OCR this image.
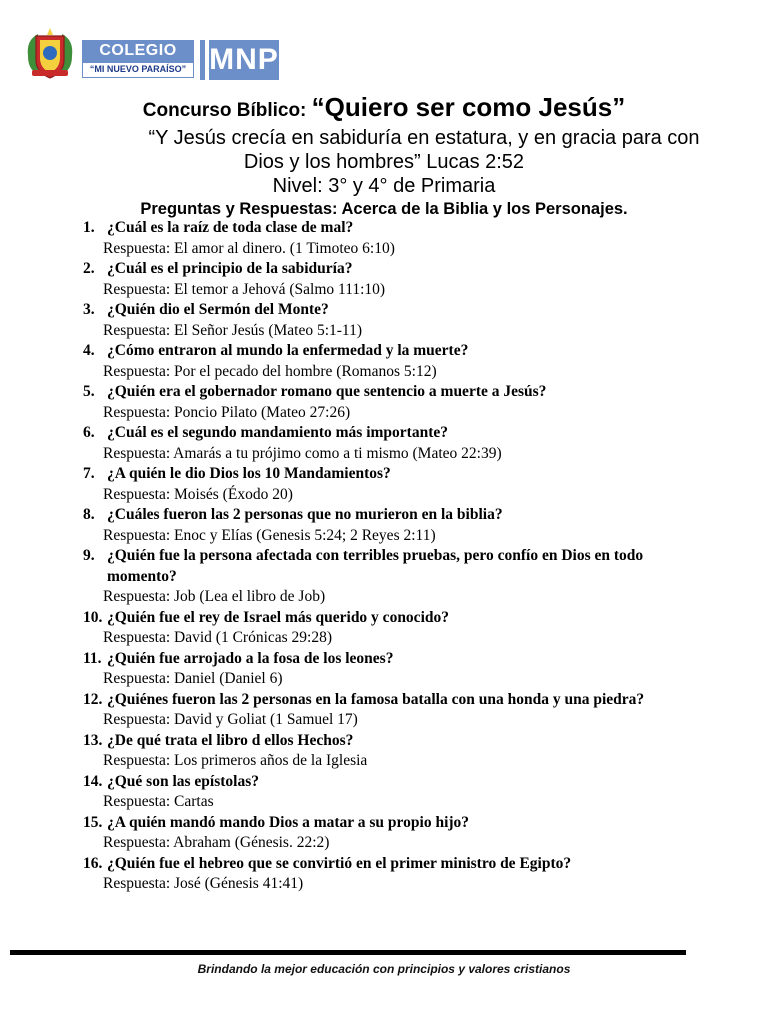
COLEGIO
“MI NUEVO PARAÍSO” MNP
Concurso Bíblico: “Quiero ser como Jesús”
“Y Jesús crecía en sabiduría en estatura, y en gracia para con
Dios y los hombres” Lucas 2:52
Nivel: 3° y 4° de Primaria
Preguntas y Respuestas: Acerca de la Biblia y los Personajes.
1. ¿Cuál es la raíz de toda clase de mal?
Respuesta: El amor al dinero. (1 Timoteo 6:10)
2. ¿Cuál es el principio de la sabiduría?
Respuesta: El temor a Jehová (Salmo 111:10)
3. ¿Quién dio el Sermón del Monte?
Respuesta: El Señor Jesús (Mateo 5:1-11)
4. ¿Cómo entraron al mundo la enfermedad y la muerte?
Respuesta: Por el pecado del hombre (Romanos 5:12)
5. ¿Quién era el gobernador romano que sentencio a muerte a Jesús?
Respuesta: Poncio Pilato (Mateo 27:26)
6. ¿Cuál es el segundo mandamiento más importante?
Respuesta: Amarás a tu prójimo como a ti mismo (Mateo 22:39)
7. ¿A quién le dio Dios los 10 Mandamientos?
Respuesta: Moisés (Éxodo 20)
8. ¿Cuáles fueron las 2 personas que no murieron en la biblia?
Respuesta: Enoc y Elías (Genesis 5:24; 2 Reyes 2:11)
9. ¿Quién fue la persona afectada con terribles pruebas, pero confío en Dios en todo momento?
Respuesta: Job (Lea el libro de Job)
10. ¿Quién fue el rey de Israel más querido y conocido?
Respuesta: David (1 Crónicas 29:28)
11. ¿Quién fue arrojado a la fosa de los leones?
Respuesta: Daniel (Daniel 6)
12. ¿Quiénes fueron las 2 personas en la famosa batalla con una honda y una piedra?
Respuesta: David y Goliat (1 Samuel 17)
13. ¿De qué trata el libro d ellos Hechos?
Respuesta: Los primeros años de la Iglesia
14. ¿Qué son las epístolas?
Respuesta: Cartas
15. ¿A quién mandó mando Dios a matar a su propio hijo?
Respuesta: Abraham (Génesis. 22:2)
16. ¿Quién fue el hebreo que se convirtió en el primer ministro de Egipto?
Respuesta: José (Génesis 41:41)
Brindando la mejor educación con principios y valores cristianos
